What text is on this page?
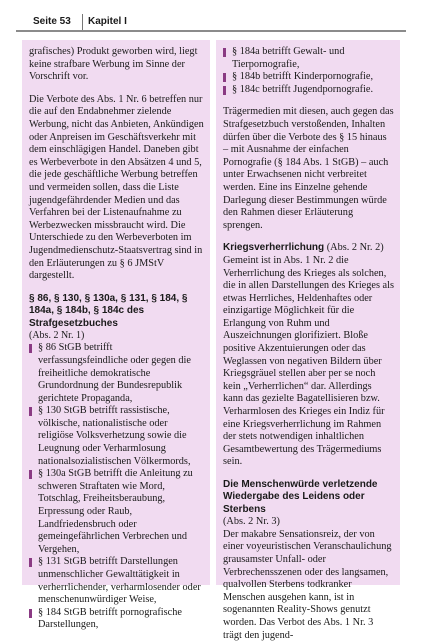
Seite 53 Kapitel I

grafisches) Produkt geworben wird, liegt keine strafbare Werbung im Sinne der Vorschrift vor.

Die Verbote des Abs. 1 Nr. 6 betreffen nur die auf den Endabnehmer zielende Werbung, nicht das Anbieten, Ankündigen oder Anpreisen im Geschäftsverkehr mit dem einschlägigen Handel. Daneben gibt es Werbeverbote in den Absätzen 4 und 5, die jede geschäftliche Werbung betreffen und vermeiden sollen, dass die Liste jugendgefährdender Medien und das Verfahren bei der Listenaufnahme zu Werbezwecken missbraucht wird. Die Unterschiede zu den Werbeverboten im Jugendmedienschutz-Staatsvertrag sind in den Erläuterungen zu § 6 JMStV dargestellt.

§ 86, § 130, § 130a, § 131, § 184, § 184a, § 184b, § 184c des Strafgesetzbuches
(Abs. 2 Nr. 1)
§ 86 StGB betrifft verfassungsfeindliche oder gegen die freiheitliche demokratische Grundordnung der Bundesrepublik gerichtete Propaganda,
§ 130 StGB betrifft rassistische, völkische, nationalistische oder religiöse Volksverhetzung sowie die Leugnung oder Verharmlosung nationalsozialistischen Völkermords,
§ 130a StGB betrifft die Anleitung zu schweren Straftaten wie Mord, Totschlag, Freiheitsberaubung, Erpressung oder Raub, Landfriedensbruch oder gemeingefährlichen Verbrechen und Vergehen,
§ 131 StGB betrifft Darstellungen unmenschlicher Gewalttätigkeit in verherrlichender, verharmlosender oder menschenunwürdiger Weise,
§ 184 StGB betrifft pornografische Darstellungen,
§ 184a betrifft Gewalt- und Tierpornografie,
§ 184b betrifft Kinderpornografie,
§ 184c betrifft Jugendpornografie.

Trägermedien mit diesen, auch gegen das Strafgesetzbuch verstoßenden, Inhalten dürfen über die Verbote des § 15 hinaus – mit Ausnahme der einfachen Pornografie (§ 184 Abs. 1 StGB) – auch unter Erwachsenen nicht verbreitet werden. Eine ins Einzelne gehende Darlegung dieser Bestimmungen würde den Rahmen dieser Erläuterung sprengen.

Kriegsverherrlichung (Abs. 2 Nr. 2)
Gemeint ist in Abs. 1 Nr. 2 die Verherrlichung des Krieges als solchen, die in allen Darstellungen des Krieges als etwas Herrliches, Heldenhaftes oder einzigartige Möglichkeit für die Erlangung von Ruhm und Auszeichnungen glorifiziert. Bloße positive Akzentuierungen oder das Weglassen von negativen Bildern über Kriegsgräuel stellen aber per se noch kein „Verherrlichen“ dar. Allerdings kann das gezielte Bagatellisieren bzw. Verharmlosen des Krieges ein Indiz für eine Kriegsverherrlichung im Rahmen der stets notwendigen inhaltlichen Gesamtbewertung des Trägermediums sein.

Die Menschenwürde verletzende Wiedergabe des Leidens oder Sterbens

(Abs. 2 Nr. 3)
Der makabre Sensationsreiz, der von einer voyeuristischen Veranschaulichung grausamster Unfall- oder Verbrechensszenen oder des langsamen, qualvollen Sterbens todkranker Menschen ausgehen kann, ist in sogenannten Reality-Shows genutzt worden. Das Verbot des Abs. 1 Nr. 3 trägt den jugend-
